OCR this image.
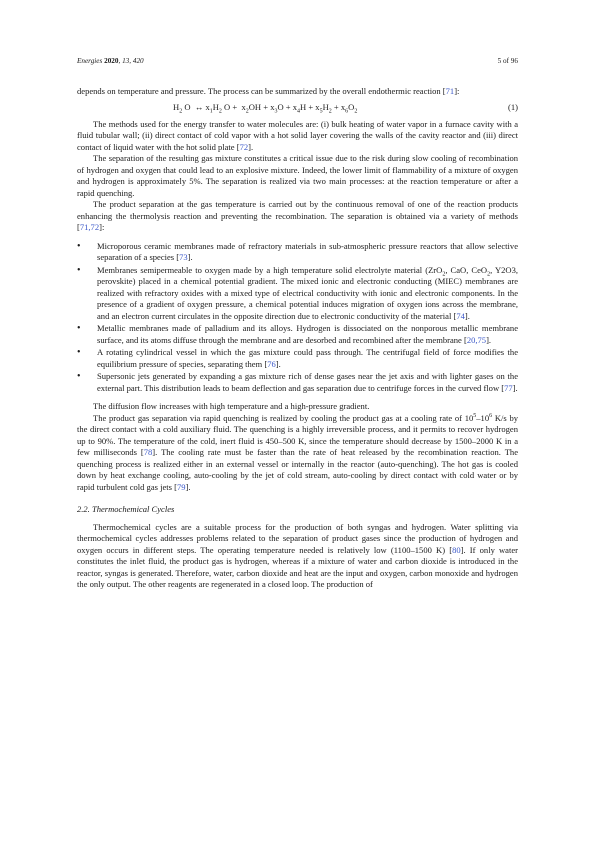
Energies 2020, 13, 420	5 of 96

depends on temperature and pressure. The process can be summarized by the overall endothermic reaction [71]:

$H_2$ O  ↔ $x_1H_2$ $O + x_2OH + x_3O + x_4H + x_5H_2 + x_6O_2$	(1)

The methods used for the energy transfer to water molecules are: (i) bulk heating of water vapor in a furnace cavity with a fluid tubular wall; (ii) direct contact of cold vapor with a hot solid layer covering the walls of the cavity reactor and (iii) direct contact of liquid water with the hot solid plate [72].

The separation of the resulting gas mixture constitutes a critical issue due to the risk during slow cooling of recombination of hydrogen and oxygen that could lead to an explosive mixture. Indeed, the lower limit of flammability of a mixture of oxygen and hydrogen is approximately 5%. The separation is realized via two main processes: at the reaction temperature or after a rapid quenching.

The product separation at the gas temperature is carried out by the continuous removal of one of the reaction products enhancing the thermolysis reaction and preventing the recombination. The separation is obtained via a variety of methods [71,72]:

• Microporous ceramic membranes made of refractory materials in sub-atmospheric pressure reactors that allow selective separation of a species [73].
• Membranes semipermeable to oxygen made by a high temperature solid electrolyte material (ZrO$_2$, CaO, CeO$_2$, Y2O3, perovskite) placed in a chemical potential gradient. The mixed ionic and electronic conducting (MIEC) membranes are realized with refractory oxides with a mixed type of electrical conductivity with ionic and electronic components. In the presence of a gradient of oxygen pressure, a chemical potential induces migration of oxygen ions across the membrane, and an electron current circulates in the opposite direction due to electronic conductivity of the material [74].
• Metallic membranes made of palladium and its alloys. Hydrogen is dissociated on the nonporous metallic membrane surface, and its atoms diffuse through the membrane and are desorbed and recombined after the membrane [20,75].
• A rotating cylindrical vessel in which the gas mixture could pass through. The centrifugal field of force modifies the equilibrium pressure of species, separating them [76].
• Supersonic jets generated by expanding a gas mixture rich of dense gases near the jet axis and with lighter gases on the external part. This distribution leads to beam deflection and gas separation due to centrifuge forces in the curved flow [77].

The diffusion flow increases with high temperature and a high-pressure gradient.

The product gas separation via rapid quenching is realized by cooling the product gas at a cooling rate of $10^5-10^6$ K/s by the direct contact with a cold auxiliary fluid. The quenching is a highly irreversible process, and it permits to recover hydrogen up to 90%. The temperature of the cold, inert fluid is 450–500 K, since the temperature should decrease by 1500–2000 K in a few milliseconds [78]. The cooling rate must be faster than the rate of heat released by the recombination reaction. The quenching process is realized either in an external vessel or internally in the reactor (auto-quenching). The hot gas is cooled down by heat exchange cooling, auto-cooling by the jet of cold stream, auto-cooling by direct contact with cold water or by rapid turbulent cold gas jets [79].

2.2. Thermochemical Cycles

Thermochemical cycles are a suitable process for the production of both syngas and hydrogen. Water splitting via thermochemical cycles addresses problems related to the separation of product gases since the production of hydrogen and oxygen occurs in different steps. The operating temperature needed is relatively low (1100–1500 K) [80]. If only water constitutes the inlet fluid, the product gas is hydrogen, whereas if a mixture of water and carbon dioxide is introduced in the reactor, syngas is generated. Therefore, water, carbon dioxide and heat are the input and oxygen, carbon monoxide and hydrogen the only output. The other reagents are regenerated in a closed loop. The production of
